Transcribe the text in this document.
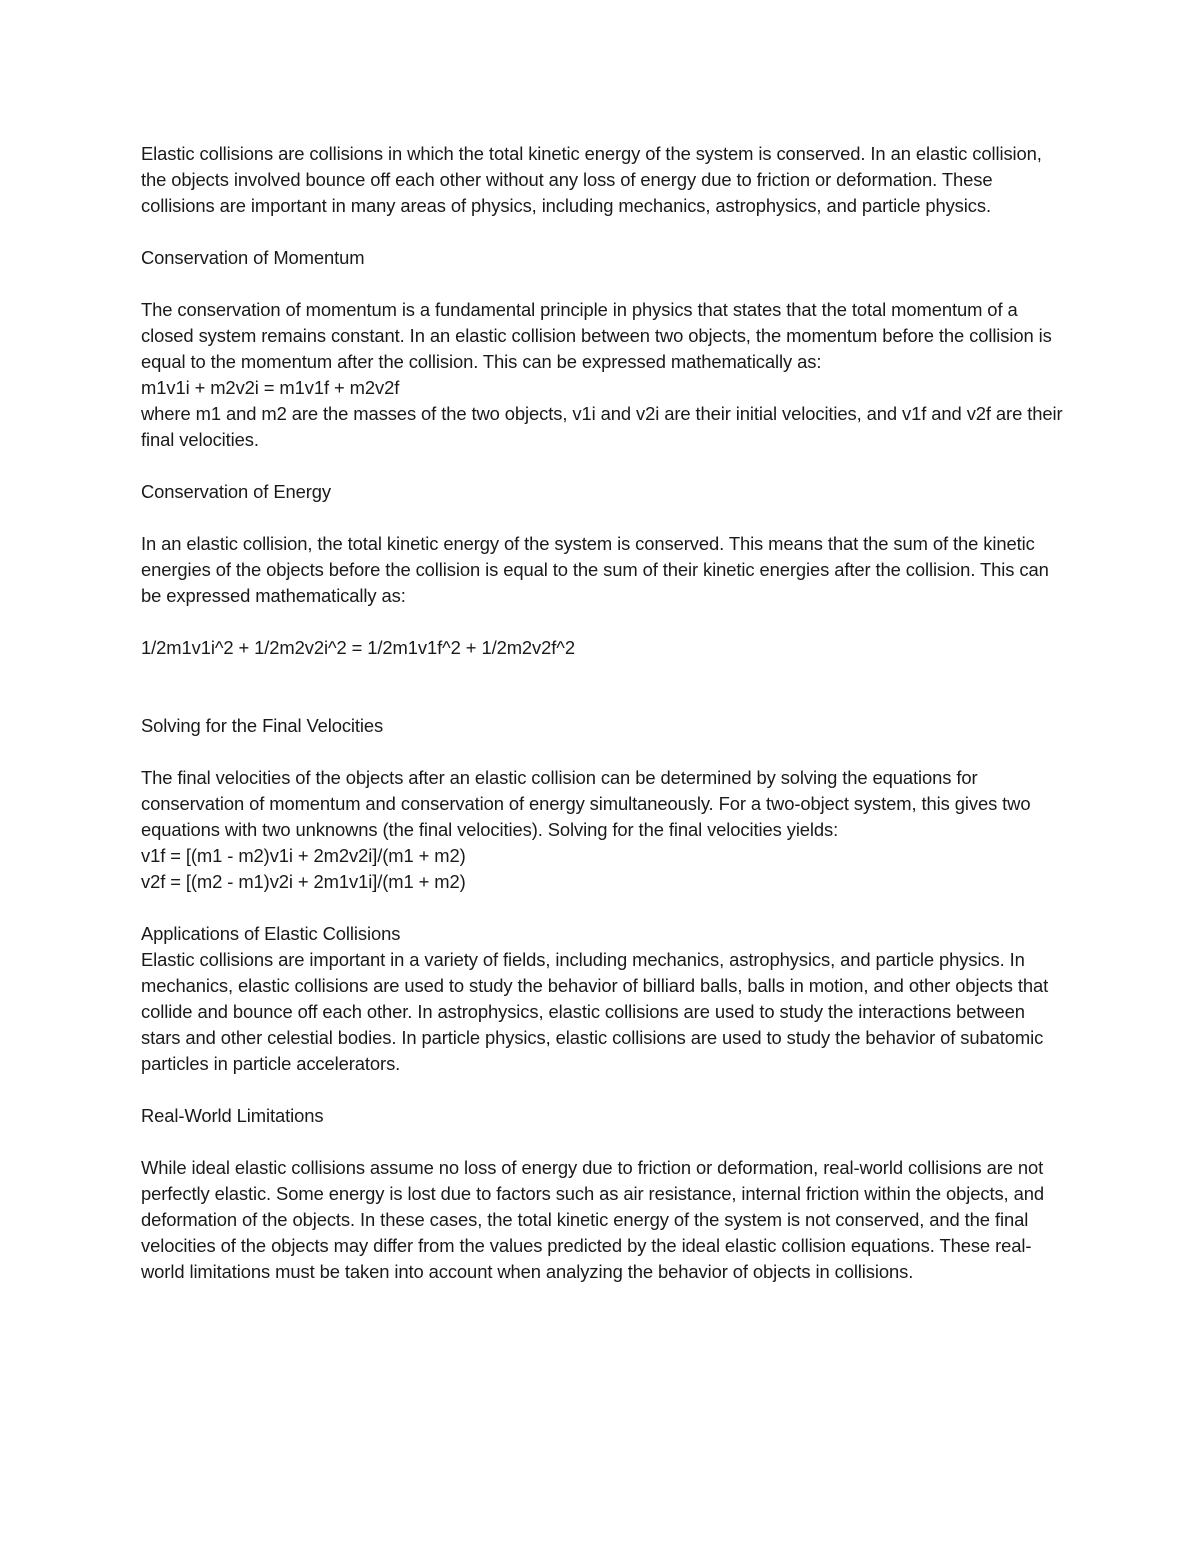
Elastic collisions are collisions in which the total kinetic energy of the system is conserved. In an elastic collision, the objects involved bounce off each other without any loss of energy due to friction or deformation. These collisions are important in many areas of physics, including mechanics, astrophysics, and particle physics.

Conservation of Momentum

The conservation of momentum is a fundamental principle in physics that states that the total momentum of a closed system remains constant. In an elastic collision between two objects, the momentum before the collision is equal to the momentum after the collision. This can be expressed mathematically as:
m1v1i + m2v2i = m1v1f + m2v2f
where m1 and m2 are the masses of the two objects, v1i and v2i are their initial velocities, and v1f and v2f are their final velocities.

Conservation of Energy

In an elastic collision, the total kinetic energy of the system is conserved. This means that the sum of the kinetic energies of the objects before the collision is equal to the sum of their kinetic energies after the collision. This can be expressed mathematically as:

1/2m1v1i^2 + 1/2m2v2i^2 = 1/2m1v1f^2 + 1/2m2v2f^2

Solving for the Final Velocities

The final velocities of the objects after an elastic collision can be determined by solving the equations for conservation of momentum and conservation of energy simultaneously. For a two-object system, this gives two equations with two unknowns (the final velocities). Solving for the final velocities yields:
v1f = [(m1 - m2)v1i + 2m2v2i]/(m1 + m2)
v2f = [(m2 - m1)v2i + 2m1v1i]/(m1 + m2)
Applications of Elastic Collisions
Elastic collisions are important in a variety of fields, including mechanics, astrophysics, and particle physics. In mechanics, elastic collisions are used to study the behavior of billiard balls, balls in motion, and other objects that collide and bounce off each other. In astrophysics, elastic collisions are used to study the interactions between stars and other celestial bodies. In particle physics, elastic collisions are used to study the behavior of subatomic particles in particle accelerators.

Real-World Limitations

While ideal elastic collisions assume no loss of energy due to friction or deformation, real-world collisions are not perfectly elastic. Some energy is lost due to factors such as air resistance, internal friction within the objects, and deformation of the objects. In these cases, the total kinetic energy of the system is not conserved, and the final velocities of the objects may differ from the values predicted by the ideal elastic collision equations. These real-world limitations must be taken into account when analyzing the behavior of objects in collisions.
